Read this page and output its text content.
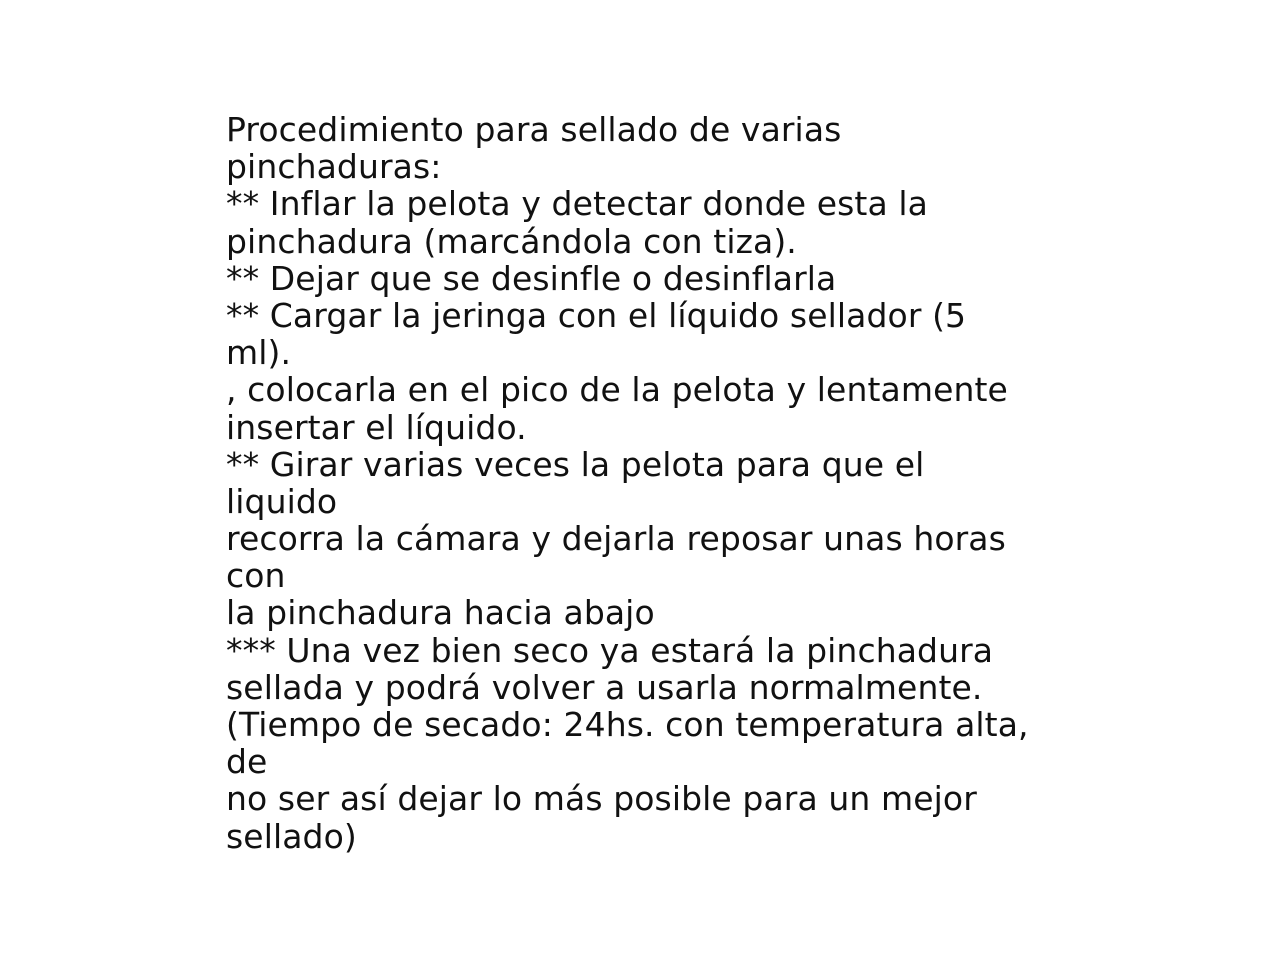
Procedimiento para sellado de varias
pinchaduras:
** Inflar la pelota y detectar donde esta la
pinchadura (marcándola con tiza).
** Dejar que se desinfle o desinflarla
** Cargar la jeringa con el líquido sellador (5
ml).
, colocarla en el pico de la pelota y lentamente
insertar el líquido.
** Girar varias veces la pelota para que el
liquido
recorra la cámara y dejarla reposar unas horas
con
la pinchadura hacia abajo
*** Una vez bien seco ya estará la pinchadura
sellada y podrá volver a usarla normalmente.
(Tiempo de secado: 24hs. con temperatura alta,
de
no ser así dejar lo más posible para un mejor
sellado)
